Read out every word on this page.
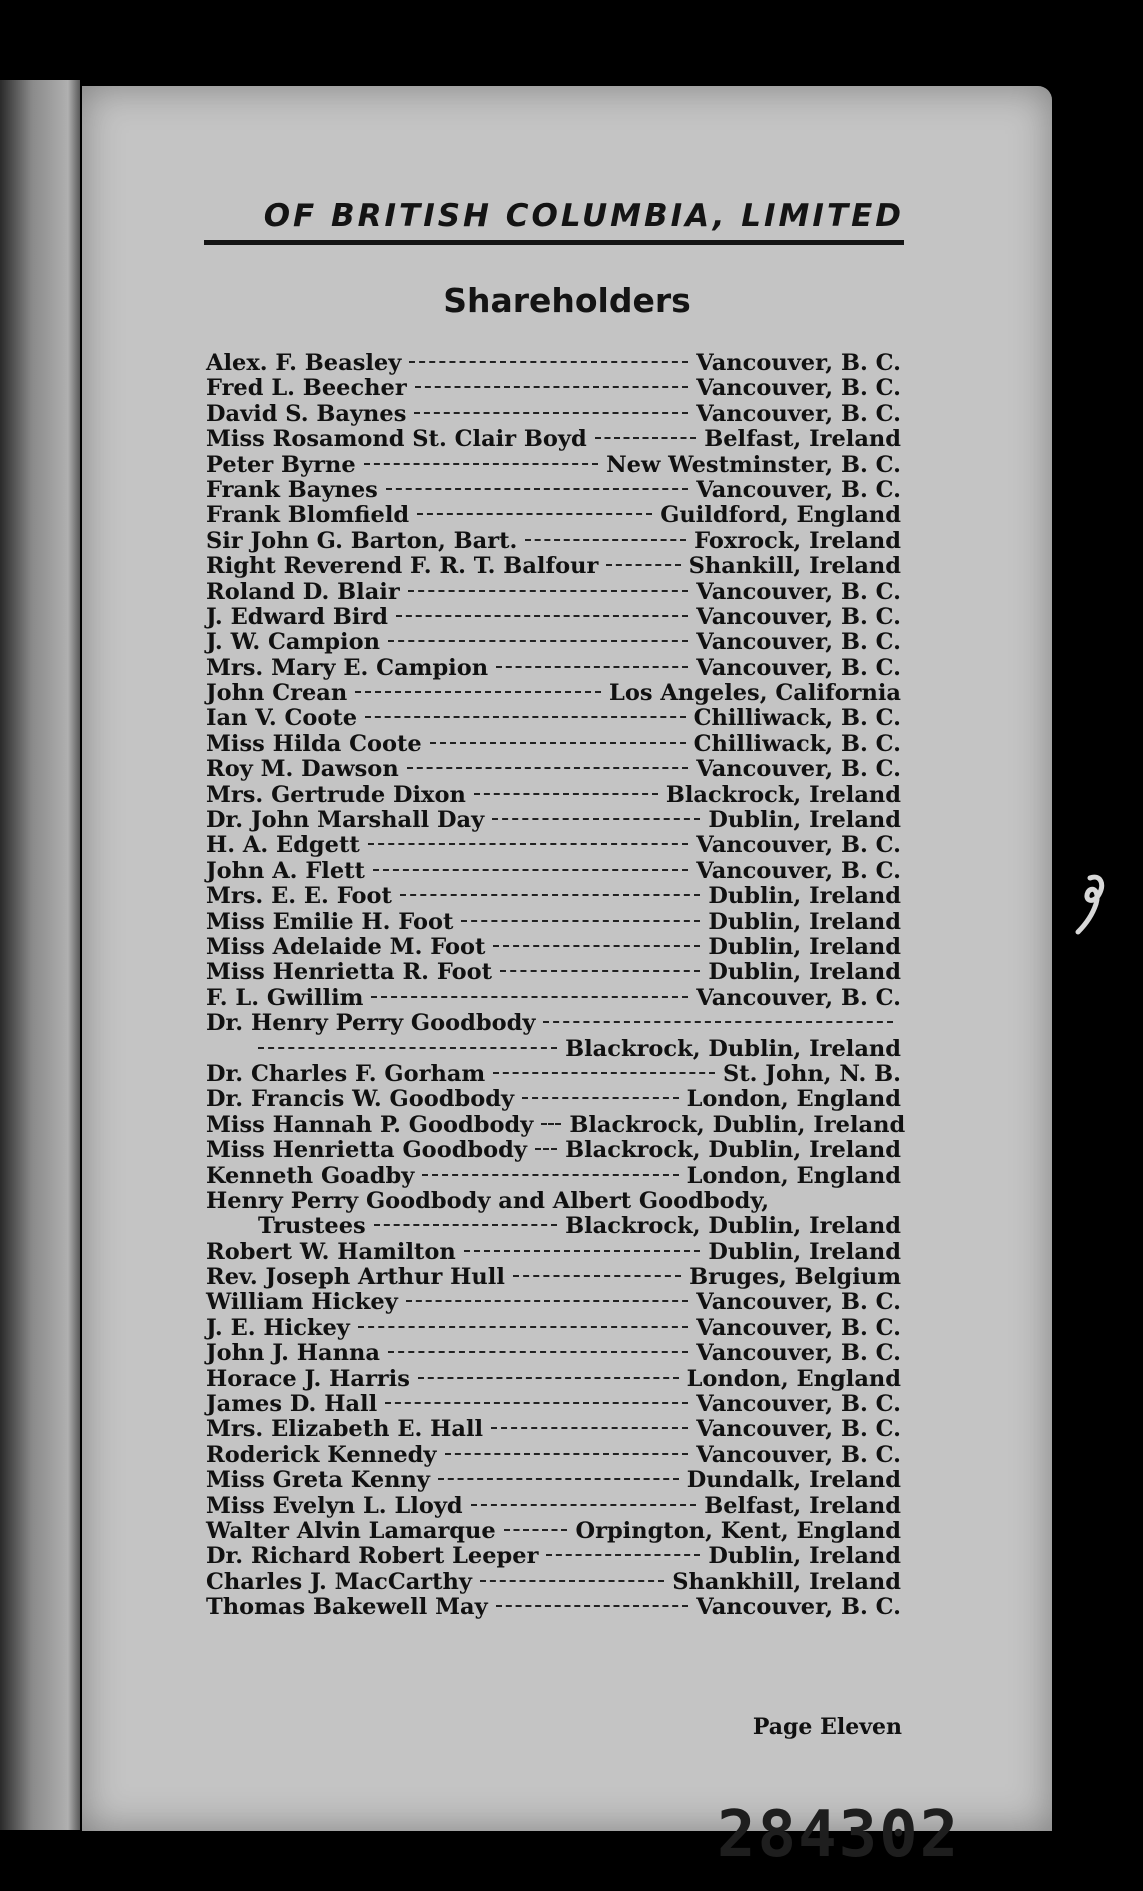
OF BRITISH COLUMBIA, LIMITED
Shareholders
Alex. F. Beasley	Vancouver, B. C.
Fred L. Beecher	Vancouver, B. C.
David S. Baynes	Vancouver, B. C.
Miss Rosamond St. Clair Boyd	Belfast, Ireland
Peter Byrne	New Westminster, B. C.
Frank Baynes	Vancouver, B. C.
Frank Blomfield	Guildford, England
Sir John G. Barton, Bart.	Foxrock, Ireland
Right Reverend F. R. T. Balfour	Shankill, Ireland
Roland D. Blair	Vancouver, B. C.
J. Edward Bird	Vancouver, B. C.
J. W. Campion	Vancouver, B. C.
Mrs. Mary E. Campion	Vancouver, B. C.
John Crean	Los Angeles, California
Ian V. Coote	Chilliwack, B. C.
Miss Hilda Coote	Chilliwack, B. C.
Roy M. Dawson	Vancouver, B. C.
Mrs. Gertrude Dixon	Blackrock, Ireland
Dr. John Marshall Day	Dublin, Ireland
H. A. Edgett	Vancouver, B. C.
John A. Flett	Vancouver, B. C.
Mrs. E. E. Foot	Dublin, Ireland
Miss Emilie H. Foot	Dublin, Ireland
Miss Adelaide M. Foot	Dublin, Ireland
Miss Henrietta R. Foot	Dublin, Ireland
F. L. Gwillim	Vancouver, B. C.
Dr. Henry Perry Goodbody
Blackrock, Dublin, Ireland
Dr. Charles F. Gorham	St. John, N. B.
Dr. Francis W. Goodbody	London, England
Miss Hannah P. Goodbody Blackrock, Dublin, Ireland
Miss Henrietta Goodbody Blackrock, Dublin, Ireland
Kenneth Goadby	London, England
Henry Perry Goodbody and Albert Goodbody,
Trustees	Blackrock, Dublin, Ireland
Robert W. Hamilton	Dublin, Ireland
Rev. Joseph Arthur Hull	Bruges, Belgium
William Hickey	Vancouver, B. C.
J. E. Hickey	Vancouver, B. C.
John J. Hanna	Vancouver, B. C.
Horace J. Harris	London, England
James D. Hall	Vancouver, B. C.
Mrs. Elizabeth E. Hall	Vancouver, B. C.
Roderick Kennedy	Vancouver, B. C.
Miss Greta Kenny	Dundalk, Ireland
Miss Evelyn L. Lloyd	Belfast, Ireland
Walter Alvin Lamarque	Orpington, Kent, England
Dr. Richard Robert Leeper	Dublin, Ireland
Charles J. MacCarthy	Shankhill, Ireland
Thomas Bakewell May	Vancouver, B. C.
Page Eleven
284302
